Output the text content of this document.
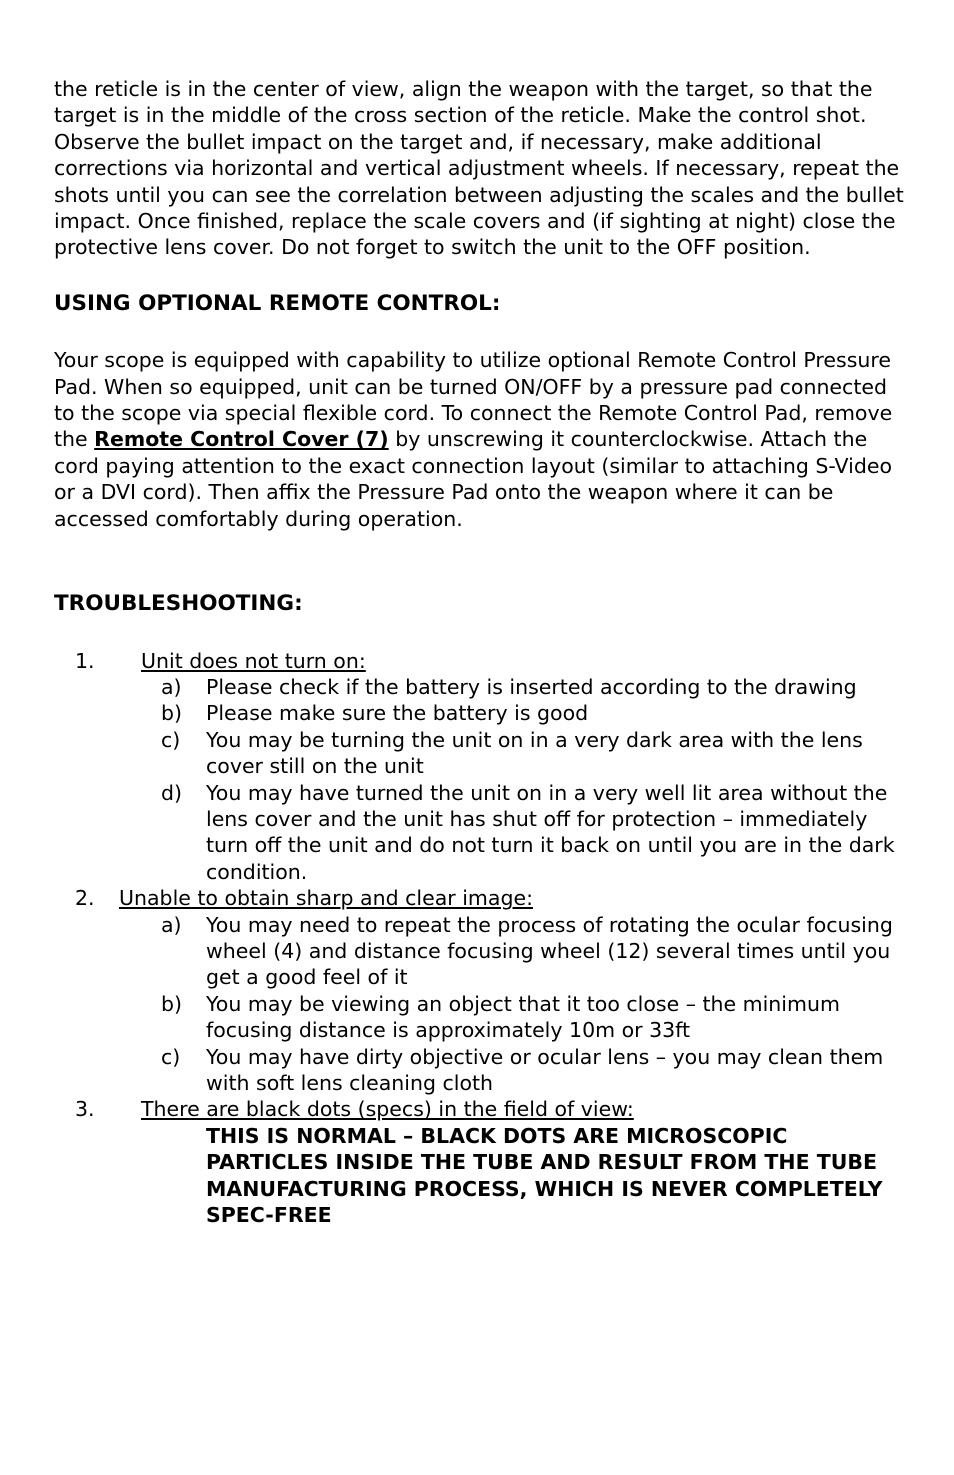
the reticle is in the center of view, align the weapon with the target, so that the target is in the middle of the cross section of the reticle. Make the control shot. Observe the bullet impact on the target and, if necessary, make additional corrections via horizontal and vertical adjustment wheels. If necessary, repeat the shots until you can see the correlation between adjusting the scales and the bullet impact. Once finished, replace the scale covers and (if sighting at night) close the protective lens cover. Do not forget to switch the unit to the OFF position.

USING OPTIONAL REMOTE CONTROL:

Your scope is equipped with capability to utilize optional Remote Control Pressure Pad. When so equipped, unit can be turned ON/OFF by a pressure pad connected to the scope via special flexible cord. To connect the Remote Control Pad, remove the Remote Control Cover (7) by unscrewing it counterclockwise. Attach the cord paying attention to the exact connection layout (similar to attaching S-Video or a DVI cord). Then affix the Pressure Pad onto the weapon where it can be accessed comfortably during operation.

TROUBLESHOOTING:
1. Unit does not turn on:
a) Please check if the battery is inserted according to the drawing
b) Please make sure the battery is good
c) You may be turning the unit on in a very dark area with the lens cover still on the unit
d) You may have turned the unit on in a very well lit area without the lens cover and the unit has shut off for protection – immediately turn off the unit and do not turn it back on until you are in the dark condition.
2. Unable to obtain sharp and clear image:
a) You may need to repeat the process of rotating the ocular focusing wheel (4) and distance focusing wheel (12) several times until you get a good feel of it
b) You may be viewing an object that it too close – the minimum focusing distance is approximately 10m or 33ft
c) You may have dirty objective or ocular lens – you may clean them with soft lens cleaning cloth
3. There are black dots (specs) in the field of view:
THIS IS NORMAL – BLACK DOTS ARE MICROSCOPIC PARTICLES INSIDE THE TUBE AND RESULT FROM THE TUBE MANUFACTURING PROCESS, WHICH IS NEVER COMPLETELY SPEC-FREE
